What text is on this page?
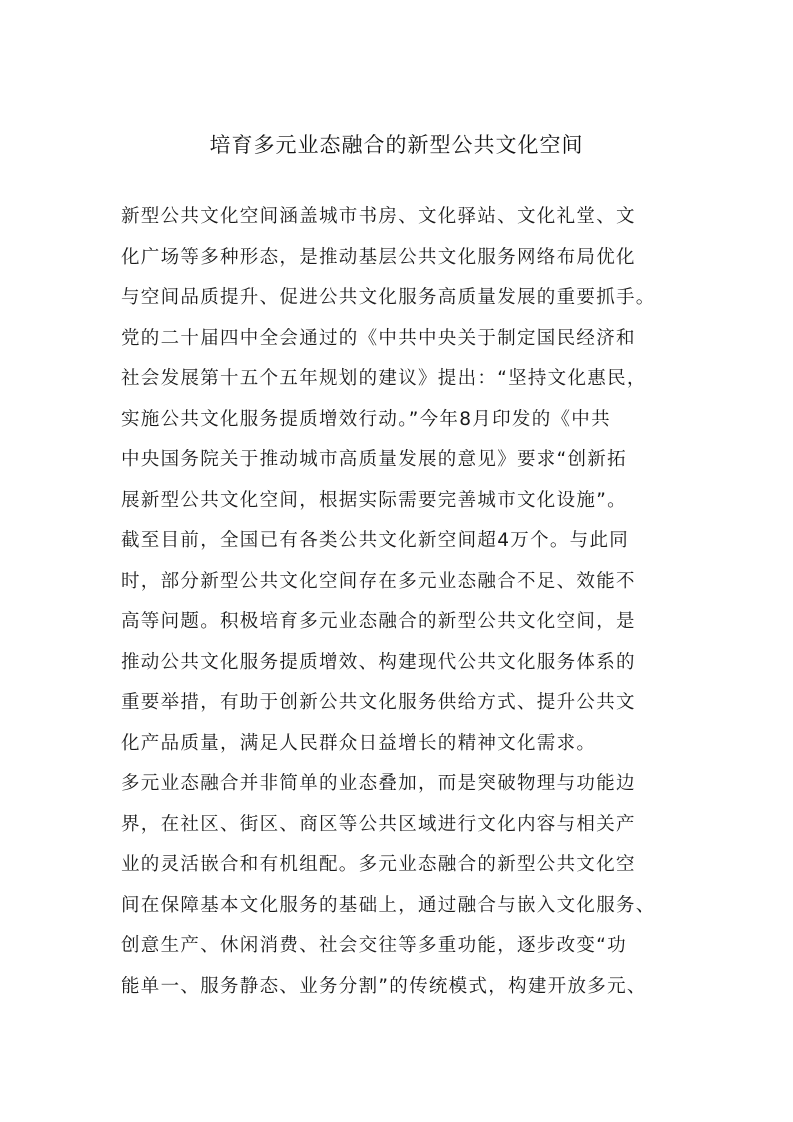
培育多元业态融合的新型公共文化空间
新型公共文化空间涵盖城市书房、文化驿站、文化礼堂、文
化广场等多种形态，是推动基层公共文化服务网络布局优化
与空间品质提升、促进公共文化服务高质量发展的重要抓手。
党的二十届四中全会通过的《中共中央关于制定国民经济和
社会发展第十五个五年规划的建议》提出：“坚持文化惠民，
实施公共文化服务提质增效行动。”今年8月印发的《中共
中央国务院关于推动城市高质量发展的意见》要求“创新拓
展新型公共文化空间，根据实际需要完善城市文化设施”。
截至目前，全国已有各类公共文化新空间超4万个。与此同
时，部分新型公共文化空间存在多元业态融合不足、效能不
高等问题。积极培育多元业态融合的新型公共文化空间，是
推动公共文化服务提质增效、构建现代公共文化服务体系的
重要举措，有助于创新公共文化服务供给方式、提升公共文
化产品质量，满足人民群众日益增长的精神文化需求。
多元业态融合并非简单的业态叠加，而是突破物理与功能边
界，在社区、街区、商区等公共区域进行文化内容与相关产
业的灵活嵌合和有机组配。多元业态融合的新型公共文化空
间在保障基本文化服务的基础上，通过融合与嵌入文化服务、
创意生产、休闲消费、社会交往等多重功能，逐步改变“功
能单一、服务静态、业务分割”的传统模式，构建开放多元、
